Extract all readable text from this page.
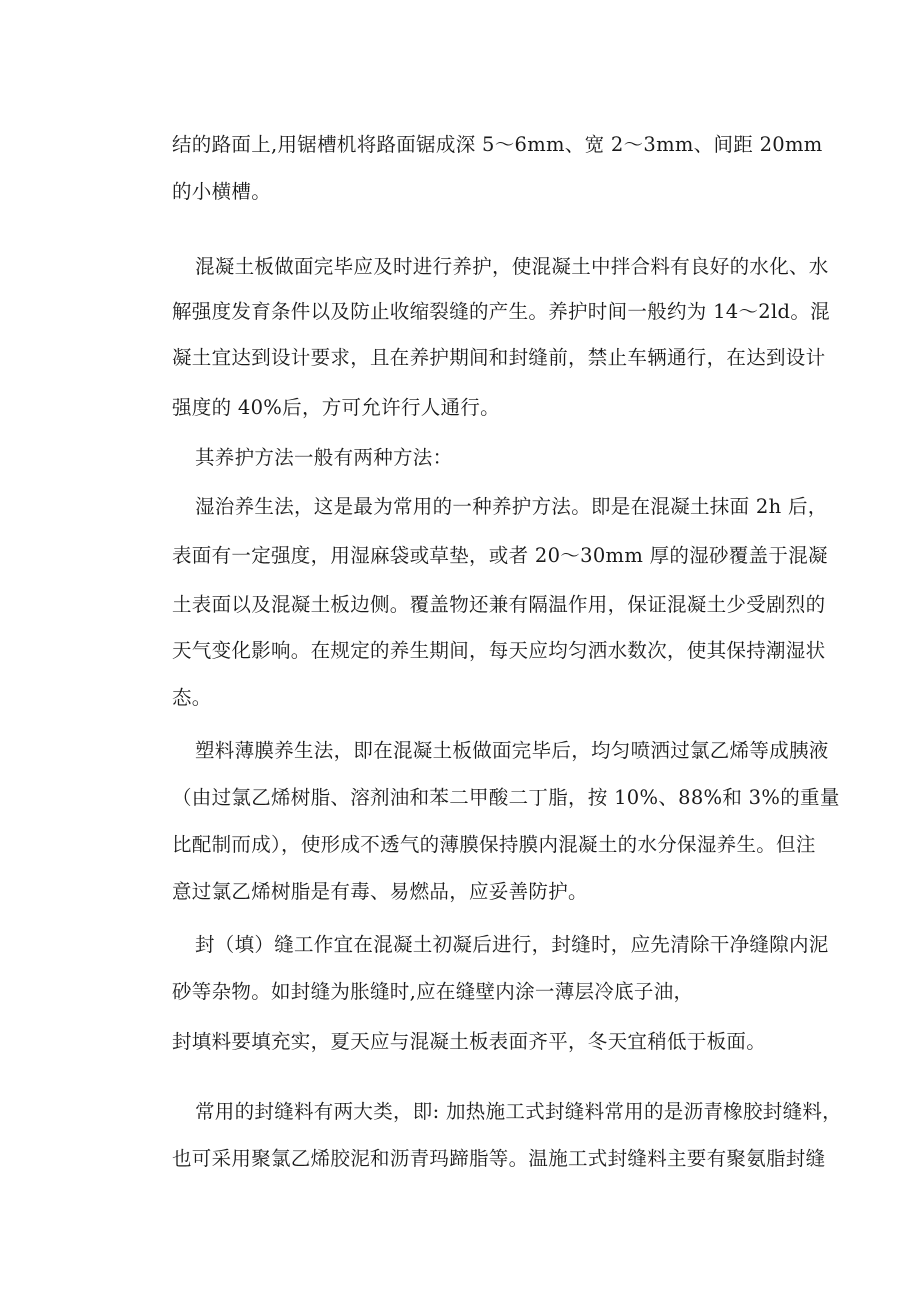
结的路面上,用锯槽机将路面锯成深 5～6mm、宽 2～3mm、间距 20mm
的小横槽。
混凝土板做面完毕应及时进行养护，使混凝土中拌合料有良好的水化、水
解强度发育条件以及防止收缩裂缝的产生。养护时间一般约为 14～2ld。混
凝土宜达到设计要求，且在养护期间和封缝前，禁止车辆通行，在达到设计
强度的 40%后，方可允许行人通行。
其养护方法一般有两种方法：
湿治养生法，这是最为常用的一种养护方法。即是在混凝土抹面 2h 后，
表面有一定强度，用湿麻袋或草垫，或者 20～30mm 厚的湿砂覆盖于混凝
土表面以及混凝土板边侧。覆盖物还兼有隔温作用，保证混凝土少受剧烈的
天气变化影响。在规定的养生期间，每天应均匀洒水数次，使其保持潮湿状
态。
塑料薄膜养生法，即在混凝土板做面完毕后，均匀喷洒过氯乙烯等成胰液
（由过氯乙烯树脂、溶剂油和苯二甲酸二丁脂，按 10%、88%和 3%的重量
比配制而成），使形成不透气的薄膜保持膜内混凝土的水分保湿养生。但注
意过氯乙烯树脂是有毒、易燃品，应妥善防护。
封（填）缝工作宜在混凝土初凝后进行，封缝时，应先清除干净缝隙内泥
砂等杂物。如封缝为胀缝时,应在缝壁内涂一薄层冷底子油，
封填料要填充实，夏天应与混凝土板表面齐平，冬天宜稍低于板面。
常用的封缝料有两大类，即: 加热施工式封缝料常用的是沥青橡胶封缝料，
也可采用聚氯乙烯胶泥和沥青玛蹄脂等。温施工式封缝料主要有聚氨脂封缝
